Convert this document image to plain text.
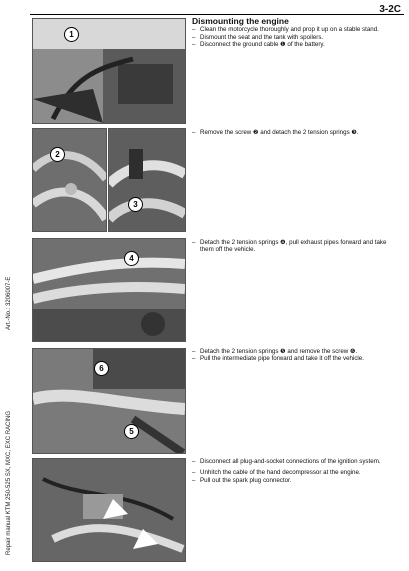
3-2C
Art.-No.: 3206007-E
Repair manual KTM 250-525 SX, MXC, EXC RACING
1
2
3
4
6
5
Dismounting the engine
– Clean the motorcycle thoroughly and prop it up on a stable stand.
– Dismount the seat and the tank with spoilers.
– Disconnect the ground cable ❶ of the battery.
– Remove the screw ❷ and detach the 2 tension springs ❸.
– Detach the 2 tension springs ❹, pull exhaust pipes forward and take them off the vehicle.
– Detach the 2 tension springs ❺ and remove the screw ❻.
– Pull the intermediate pipe forward and take it off the vehicle.
– Disconnect all plug-and-socket connections of the ignition system.
– Unhitch the cable of the hand decompressor at the engine.
– Pull out the spark plug connector.
